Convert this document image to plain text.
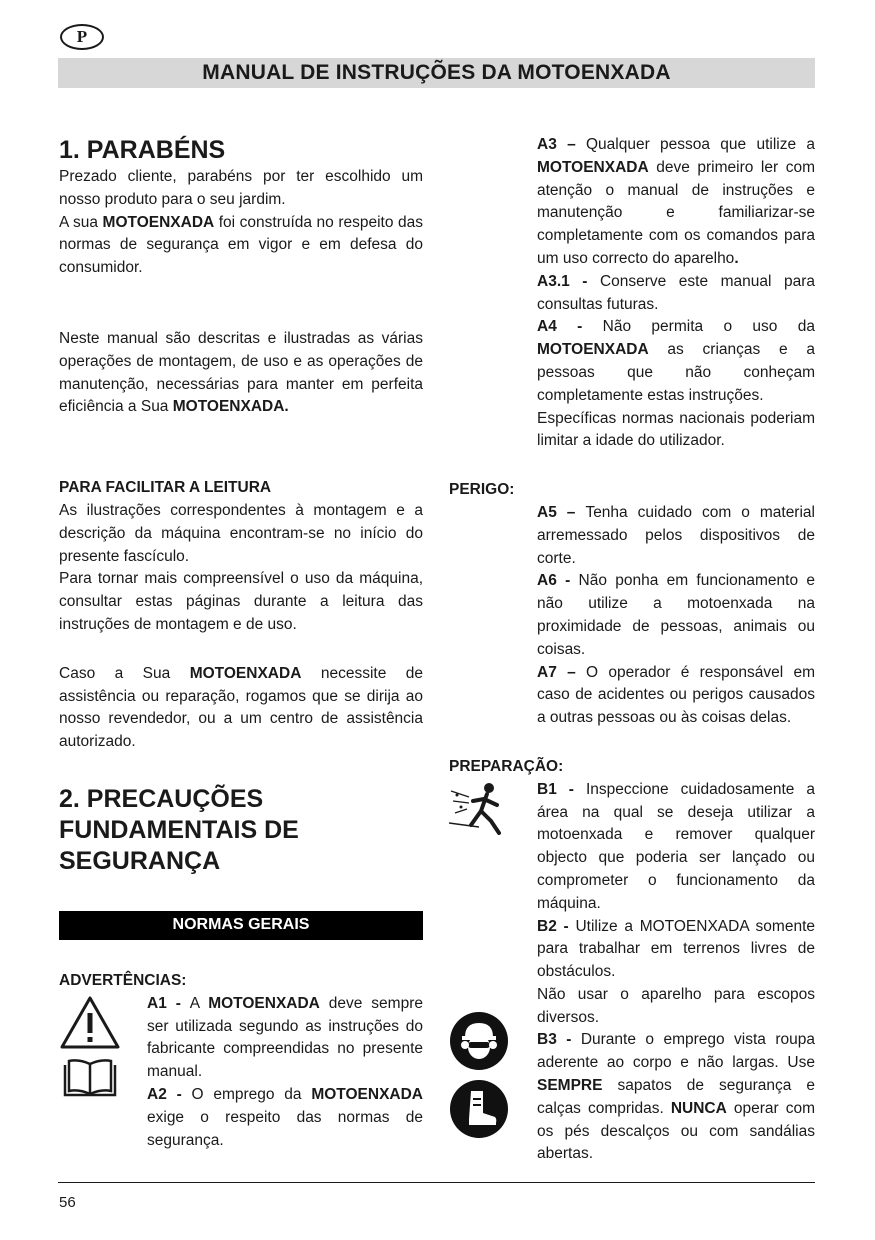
P
MANUAL DE INSTRUÇÕES DA MOTOENXADA

1. PARABÉNS

Prezado cliente, parabéns por ter escolhido um nosso produto para o seu jardim.

A sua MOTOENXADA foi construída no respeito das normas de segurança em vigor e em defesa do consumidor.

Neste manual são descritas e ilustradas as várias operações de montagem, de uso e as operações de manutenção, necessárias para manter em perfeita eficiência a Sua MOTOENXADA.

PARA FACILITAR A LEITURA

As ilustrações correspondentes à montagem e a descrição da máquina encontram-se no início do presente fascículo.

Para tornar mais compreensível o uso da máquina, consultar estas páginas durante a leitura das instruções de montagem e de uso.

Caso a Sua MOTOENXADA necessite de assistência ou reparação, rogamos que se dirija ao nosso revendedor, ou a um centro de assistência autorizado.

2. PRECAUÇÕES FUNDAMENTAIS DE SEGURANÇA

NORMAS GERAIS

ADVERTÊNCIAS:

A1 - A MOTOENXADA deve sempre ser utilizada segundo as instruções do fabricante compreendidas no presente manual.

A2 - O emprego da MOTOENXADA exige o respeito das normas de segurança.

A3 – Qualquer pessoa que utilize a MOTOENXADA deve primeiro ler com atenção o manual de instruções e manutenção e familiarizar-se completamente com os comandos para um uso correcto do aparelho.

A3.1 - Conserve este manual para consultas futuras.

A4 - Não permita o uso da MOTOENXADA as crianças e a pessoas que não conheçam completamente estas instruções.

Específicas normas nacionais poderiam limitar a idade do utilizador.

PERIGO:

A5 – Tenha cuidado com o material arremessado pelos dispositivos de corte.

A6 - Não ponha em funcionamento e não utilize a motoenxada na proximidade de pessoas, animais ou coisas.

A7 – O operador é responsável em caso de acidentes ou perigos causados a outras pessoas ou às coisas delas.

PREPARAÇÃO:

B1 - Inspeccione cuidadosamente a área na qual se deseja utilizar a motoenxada e remover qualquer objecto que poderia ser lançado ou comprometer o funcionamento da máquina.

B2 - Utilize a MOTOENXADA somente para trabalhar em terrenos livres de obstáculos.

Não usar o aparelho para escopos diversos.

B3 - Durante o emprego vista roupa aderente ao corpo e não largas. Use SEMPRE sapatos de segurança e calças compridas. NUNCA operar com os pés descalços ou com sandálias abertas.

56
